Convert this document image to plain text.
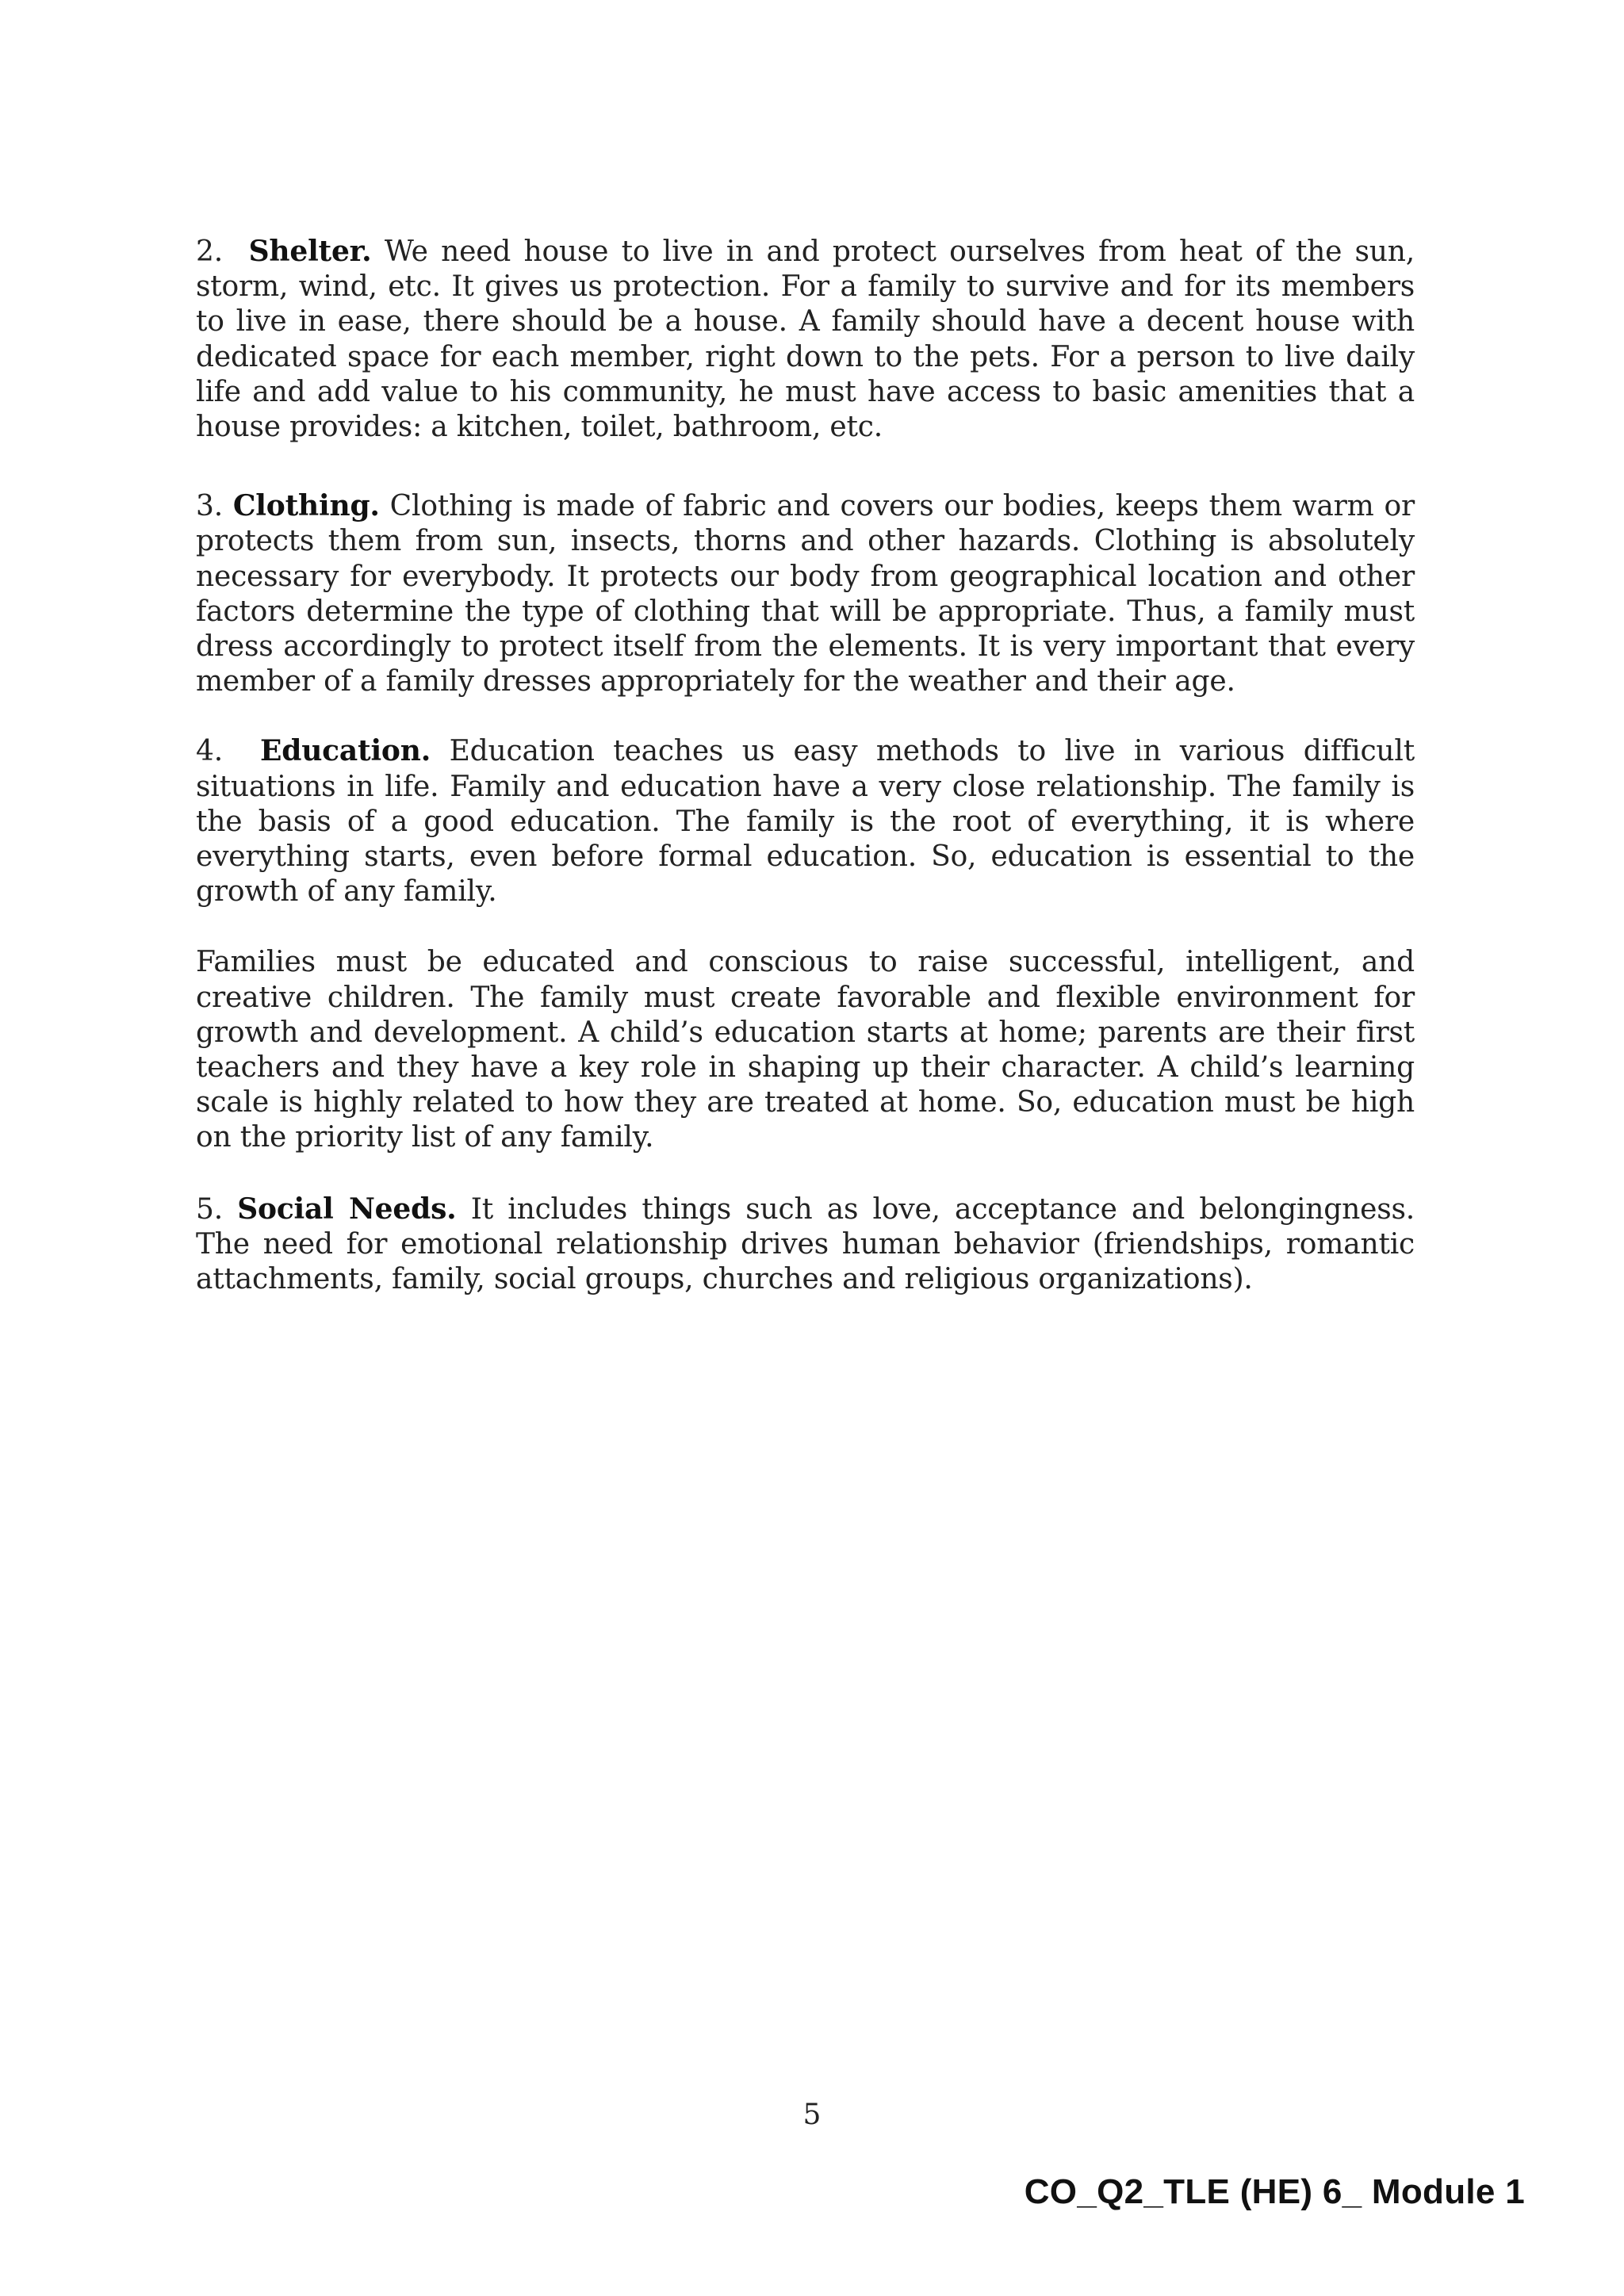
2. Shelter. We need house to live in and protect ourselves from heat of the sun, storm, wind, etc. It gives us protection. For a family to survive and for its members to live in ease, there should be a house. A family should have a decent house with dedicated space for each member, right down to the pets. For a person to live daily life and add value to his community, he must have access to basic amenities that a house provides: a kitchen, toilet, bathroom, etc.

3. Clothing. Clothing is made of fabric and covers our bodies, keeps them warm or protects them from sun, insects, thorns and other hazards. Clothing is absolutely necessary for everybody. It protects our body from geographical location and other factors determine the type of clothing that will be appropriate. Thus, a family must dress accordingly to protect itself from the elements. It is very important that every member of a family dresses appropriately for the weather and their age.

4. Education. Education teaches us easy methods to live in various difficult situations in life. Family and education have a very close relationship. The family is the basis of a good education. The family is the root of everything, it is where everything starts, even before formal education. So, education is essential to the growth of any family.

Families must be educated and conscious to raise successful, intelligent, and creative children. The family must create favorable and flexible environment for growth and development. A child’s education starts at home; parents are their first teachers and they have a key role in shaping up their character. A child’s learning scale is highly related to how they are treated at home. So, education must be high on the priority list of any family.

5. Social Needs. It includes things such as love, acceptance and belongingness. The need for emotional relationship drives human behavior (friendships, romantic attachments, family, social groups, churches and religious organizations).

5
CO_Q2_TLE (HE) 6_ Module 1
